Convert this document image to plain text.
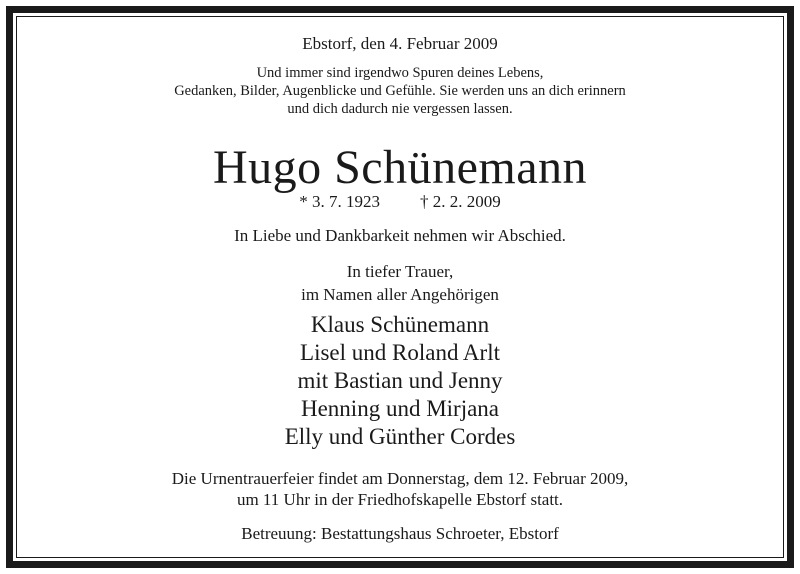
Ebstorf, den 4. Februar 2009
Und immer sind irgendwo Spuren deines Lebens,
Gedanken, Bilder, Augenblicke und Gefühle. Sie werden uns an dich erinnern
und dich dadurch nie vergessen lassen.
Hugo Schünemann
* 3. 7. 1923 † 2. 2. 2009
In Liebe und Dankbarkeit nehmen wir Abschied.
In tiefer Trauer,
im Namen aller Angehörigen
Klaus Schünemann
Lisel und Roland Arlt
mit Bastian und Jenny
Henning und Mirjana
Elly und Günther Cordes
Die Urnentrauerfeier findet am Donnerstag, dem 12. Februar 2009,
um 11 Uhr in der Friedhofskapelle Ebstorf statt.
Betreuung: Bestattungshaus Schroeter, Ebstorf
